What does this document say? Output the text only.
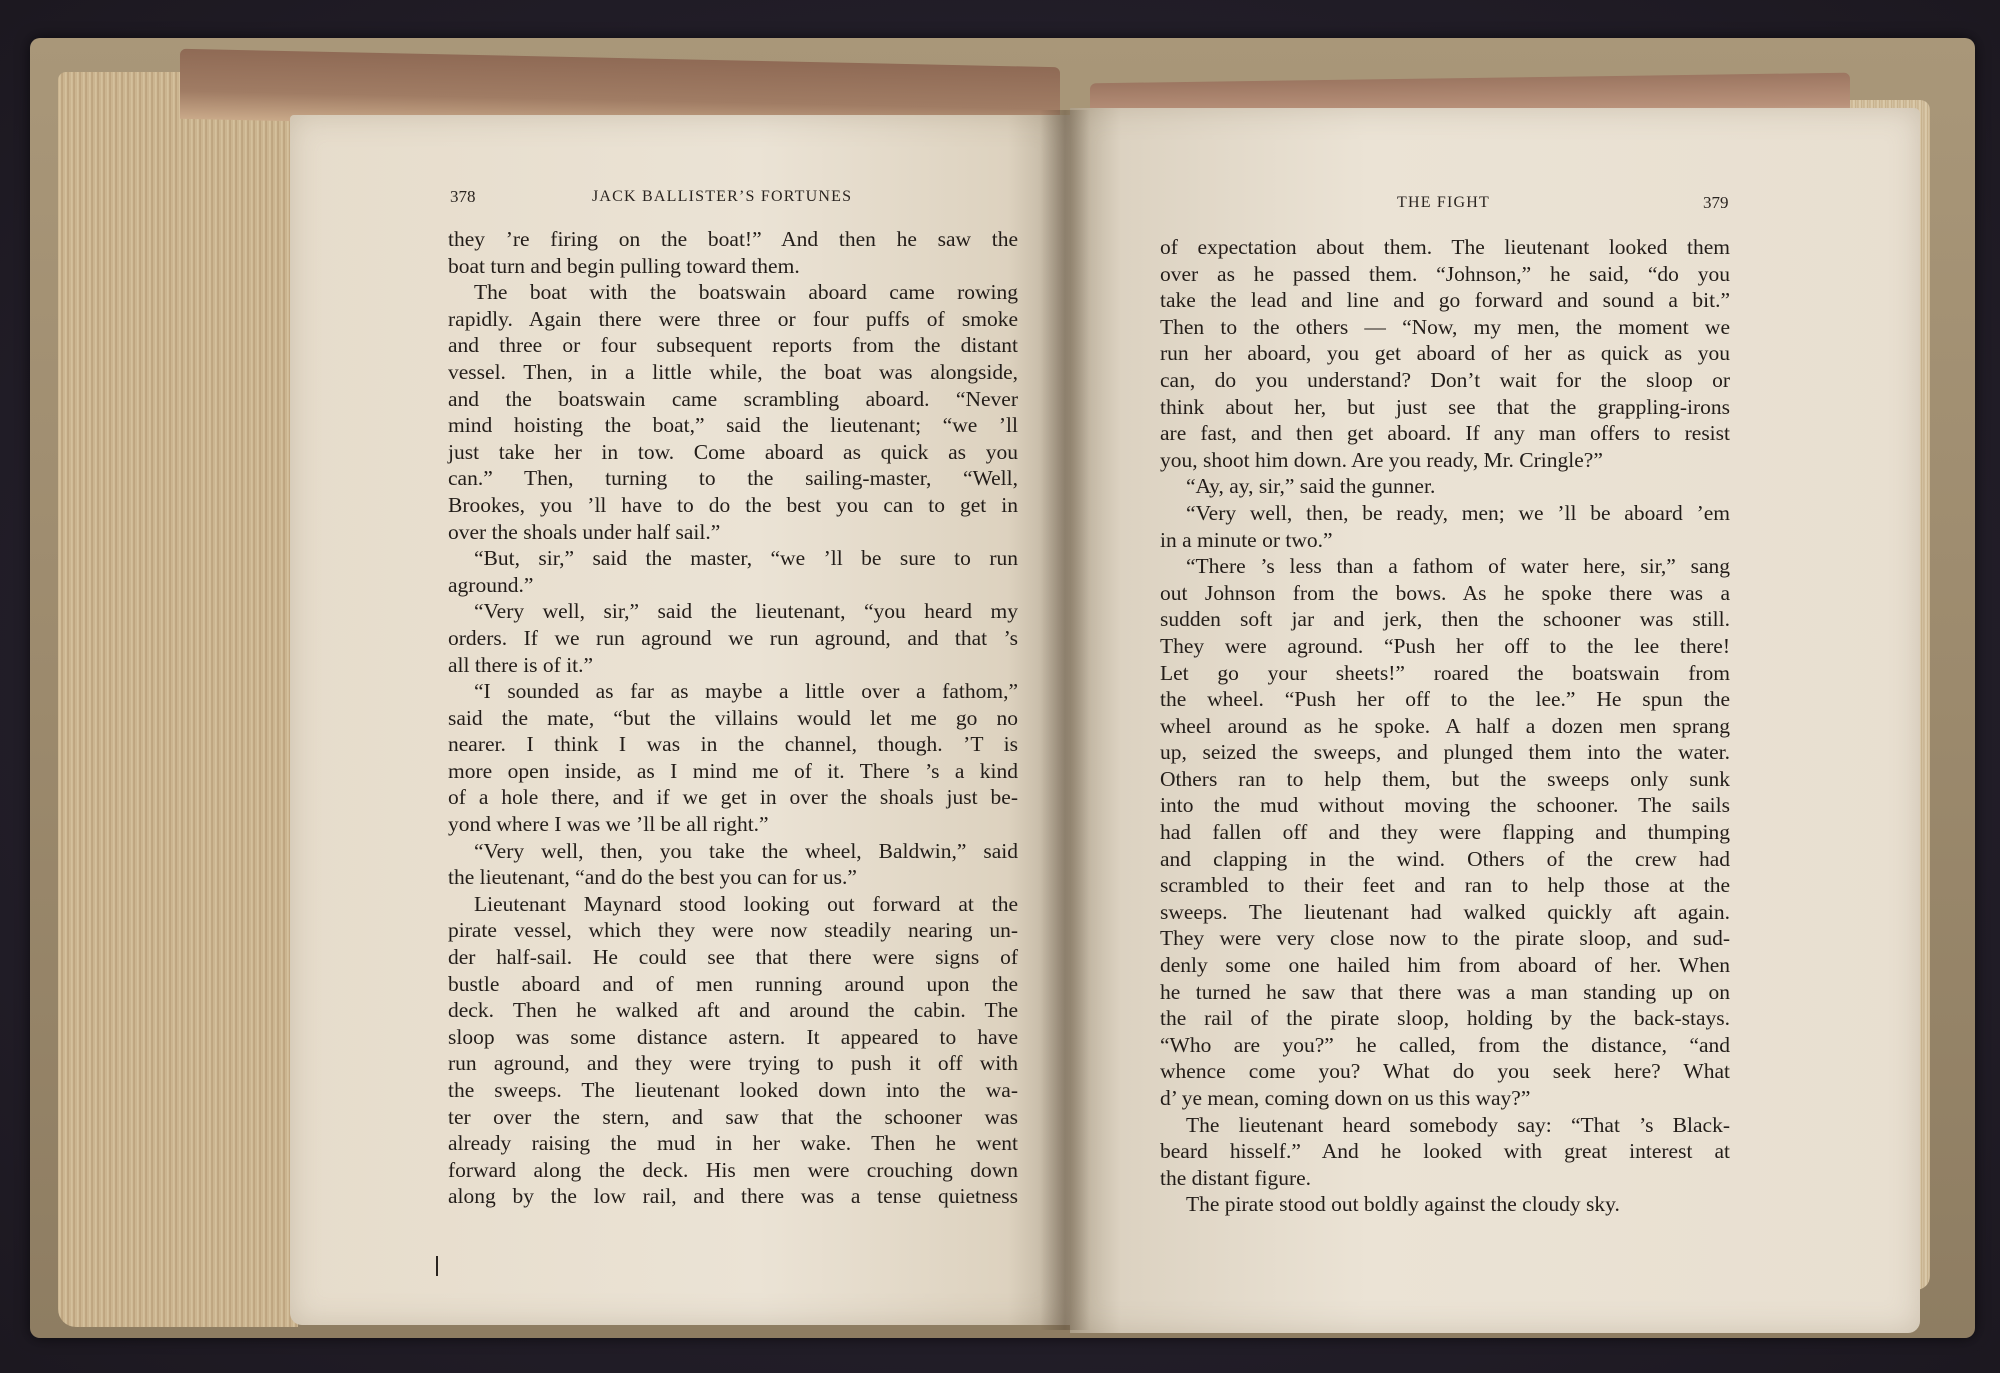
378	JACK BALLISTER’S FORTUNES	THE FIGHT	379

they ’re firing on the boat!” And then he saw the

boat turn and begin pulling toward them.

The boat with the boatswain aboard came rowing

rapidly. Again there were three or four puffs of smoke

and three or four subsequent reports from the distant

vessel. Then, in a little while, the boat was alongside,

and the boatswain came scrambling aboard. “Never

mind hoisting the boat,” said the lieutenant; “we ’ll

just take her in tow. Come aboard as quick as you

can.” Then, turning to the sailing-master, “Well,

Brookes, you ’ll have to do the best you can to get in

over the shoals under half sail.”

“But, sir,” said the master, “we ’ll be sure to run

aground.”

“Very well, sir,” said the lieutenant, “you heard my

orders. If we run aground we run aground, and that ’s

all there is of it.”

“I sounded as far as maybe a little over a fathom,”

said the mate, “but the villains would let me go no

nearer. I think I was in the channel, though. ’T is

more open inside, as I mind me of it. There ’s a kind

of a hole there, and if we get in over the shoals just be-

yond where I was we ’ll be all right.”

“Very well, then, you take the wheel, Baldwin,” said

the lieutenant, “and do the best you can for us.”

Lieutenant Maynard stood looking out forward at the

pirate vessel, which they were now steadily nearing un-

der half-sail. He could see that there were signs of

bustle aboard and of men running around upon the

deck. Then he walked aft and around the cabin. The

sloop was some distance astern. It appeared to have

run aground, and they were trying to push it off with

the sweeps. The lieutenant looked down into the wa-

ter over the stern, and saw that the schooner was

already raising the mud in her wake. Then he went

forward along the deck. His men were crouching down

along by the low rail, and there was a tense quietness

of expectation about them. The lieutenant looked them

over as he passed them. “Johnson,” he said, “do you

take the lead and line and go forward and sound a bit.”

Then to the others — “Now, my men, the moment we

run her aboard, you get aboard of her as quick as you

can, do you understand? Don’t wait for the sloop or

think about her, but just see that the grappling-irons

are fast, and then get aboard. If any man offers to resist

you, shoot him down. Are you ready, Mr. Cringle?”

“Ay, ay, sir,” said the gunner.

“Very well, then, be ready, men; we ’ll be aboard ’em

in a minute or two.”

“There ’s less than a fathom of water here, sir,” sang

out Johnson from the bows. As he spoke there was a

sudden soft jar and jerk, then the schooner was still.

They were aground. “Push her off to the lee there!

Let go your sheets!” roared the boatswain from

the wheel. “Push her off to the lee.” He spun the

wheel around as he spoke. A half a dozen men sprang

up, seized the sweeps, and plunged them into the water.

Others ran to help them, but the sweeps only sunk

into the mud without moving the schooner. The sails

had fallen off and they were flapping and thumping

and clapping in the wind. Others of the crew had

scrambled to their feet and ran to help those at the

sweeps. The lieutenant had walked quickly aft again.

They were very close now to the pirate sloop, and sud-

denly some one hailed him from aboard of her. When

he turned he saw that there was a man standing up on

the rail of the pirate sloop, holding by the back-stays.

“Who are you?” he called, from the distance, “and

whence come you? What do you seek here? What

d’ ye mean, coming down on us this way?”

The lieutenant heard somebody say: “That ’s Black-

beard hisself.” And he looked with great interest at

the distant figure.

The pirate stood out boldly against the cloudy sky.
